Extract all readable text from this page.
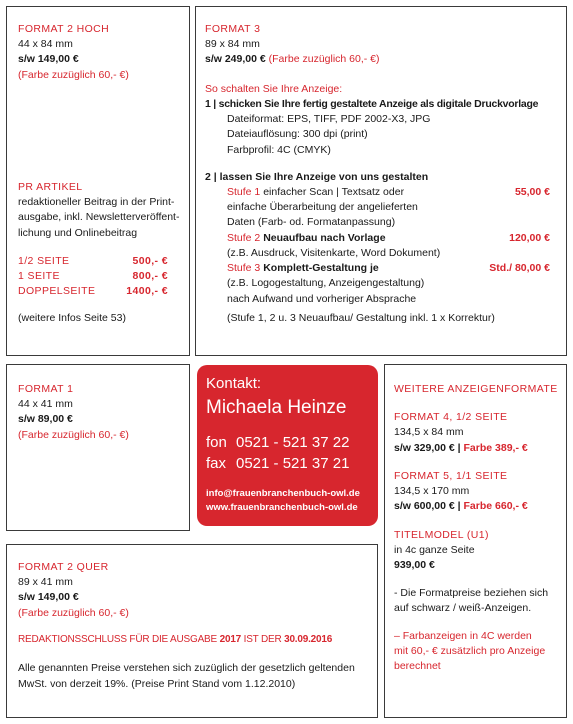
FORMAT 2 HOCH
44 x 84 mm
s/w 149,00 €
(Farbe zuzüglich 60,- €)
PR ARTIKEL
redaktioneller Beitrag in der Print-
ausgabe, inkl. Newsletterveröffent-
lichung und Onlinebeitrag
1/2 SEITE	500,- €
1 SEITE	800,- €
DOPPELSEITE	1400,- €
(weitere Infos Seite 53)
FORMAT 3
89 x 84 mm
s/w 249,00 € (Farbe zuzüglich 60,- €)
So schalten Sie Ihre Anzeige:
1 | schicken Sie Ihre fertig gestaltete Anzeige als digitale Druckvorlage
Dateiformat: EPS, TIFF, PDF 2002-X3, JPG
Dateiauflösung: 300 dpi (print)
Farbprofil: 4C (CMYK)
2 | lassen Sie Ihre Anzeige von uns gestalten
Stufe 1 einfacher Scan | Textsatz oder	55,00 €
einfache Überarbeitung der angelieferten
Daten (Farb- od. Formatanpassung)
Stufe 2 Neuaufbau nach Vorlage	120,00 €
(z.B. Ausdruck, Visitenkarte, Word Dokument)
Stufe 3 Komplett-Gestaltung je	Std./ 80,00 €
(z.B. Logogestaltung, Anzeigengestaltung)
nach Aufwand und vorheriger Absprache
(Stufe 1, 2 u. 3 Neuaufbau/ Gestaltung inkl. 1 x Korrektur)
FORMAT 1
44 x 41 mm
s/w 89,00 €
(Farbe zuzüglich 60,- €)
Kontakt:
Michaela Heinze
fon 0521 - 521 37 22
fax 0521 - 521 37 21
info@frauenbranchenbuch-owl.de
www.frauenbranchenbuch-owl.de
WEITERE ANZEIGENFORMATE
FORMAT 4, 1/2 SEITE
134,5 x 84 mm
s/w 329,00 € | Farbe 389,- €
FORMAT 5, 1/1 SEITE
134,5 x 170 mm
s/w 600,00 € | Farbe 660,- €
TITELMODEL (U1)
in 4c ganze Seite
939,00 €
- Die Formatpreise beziehen sich
auf schwarz / weiß-Anzeigen.
– Farbanzeigen in 4C werden
mit 60,- € zusätzlich pro Anzeige
berechnet
FORMAT 2 QUER
89 x 41 mm
s/w 149,00 €
(Farbe zuzüglich 60,- €)
REDAKTIONSSCHLUSS FÜR DIE AUSGABE 2017 IST DER 30.09.2016
Alle genannten Preise verstehen sich zuzüglich der gesetzlich geltenden
MwSt. von derzeit 19%. (Preise Print Stand vom 1.12.2010)
